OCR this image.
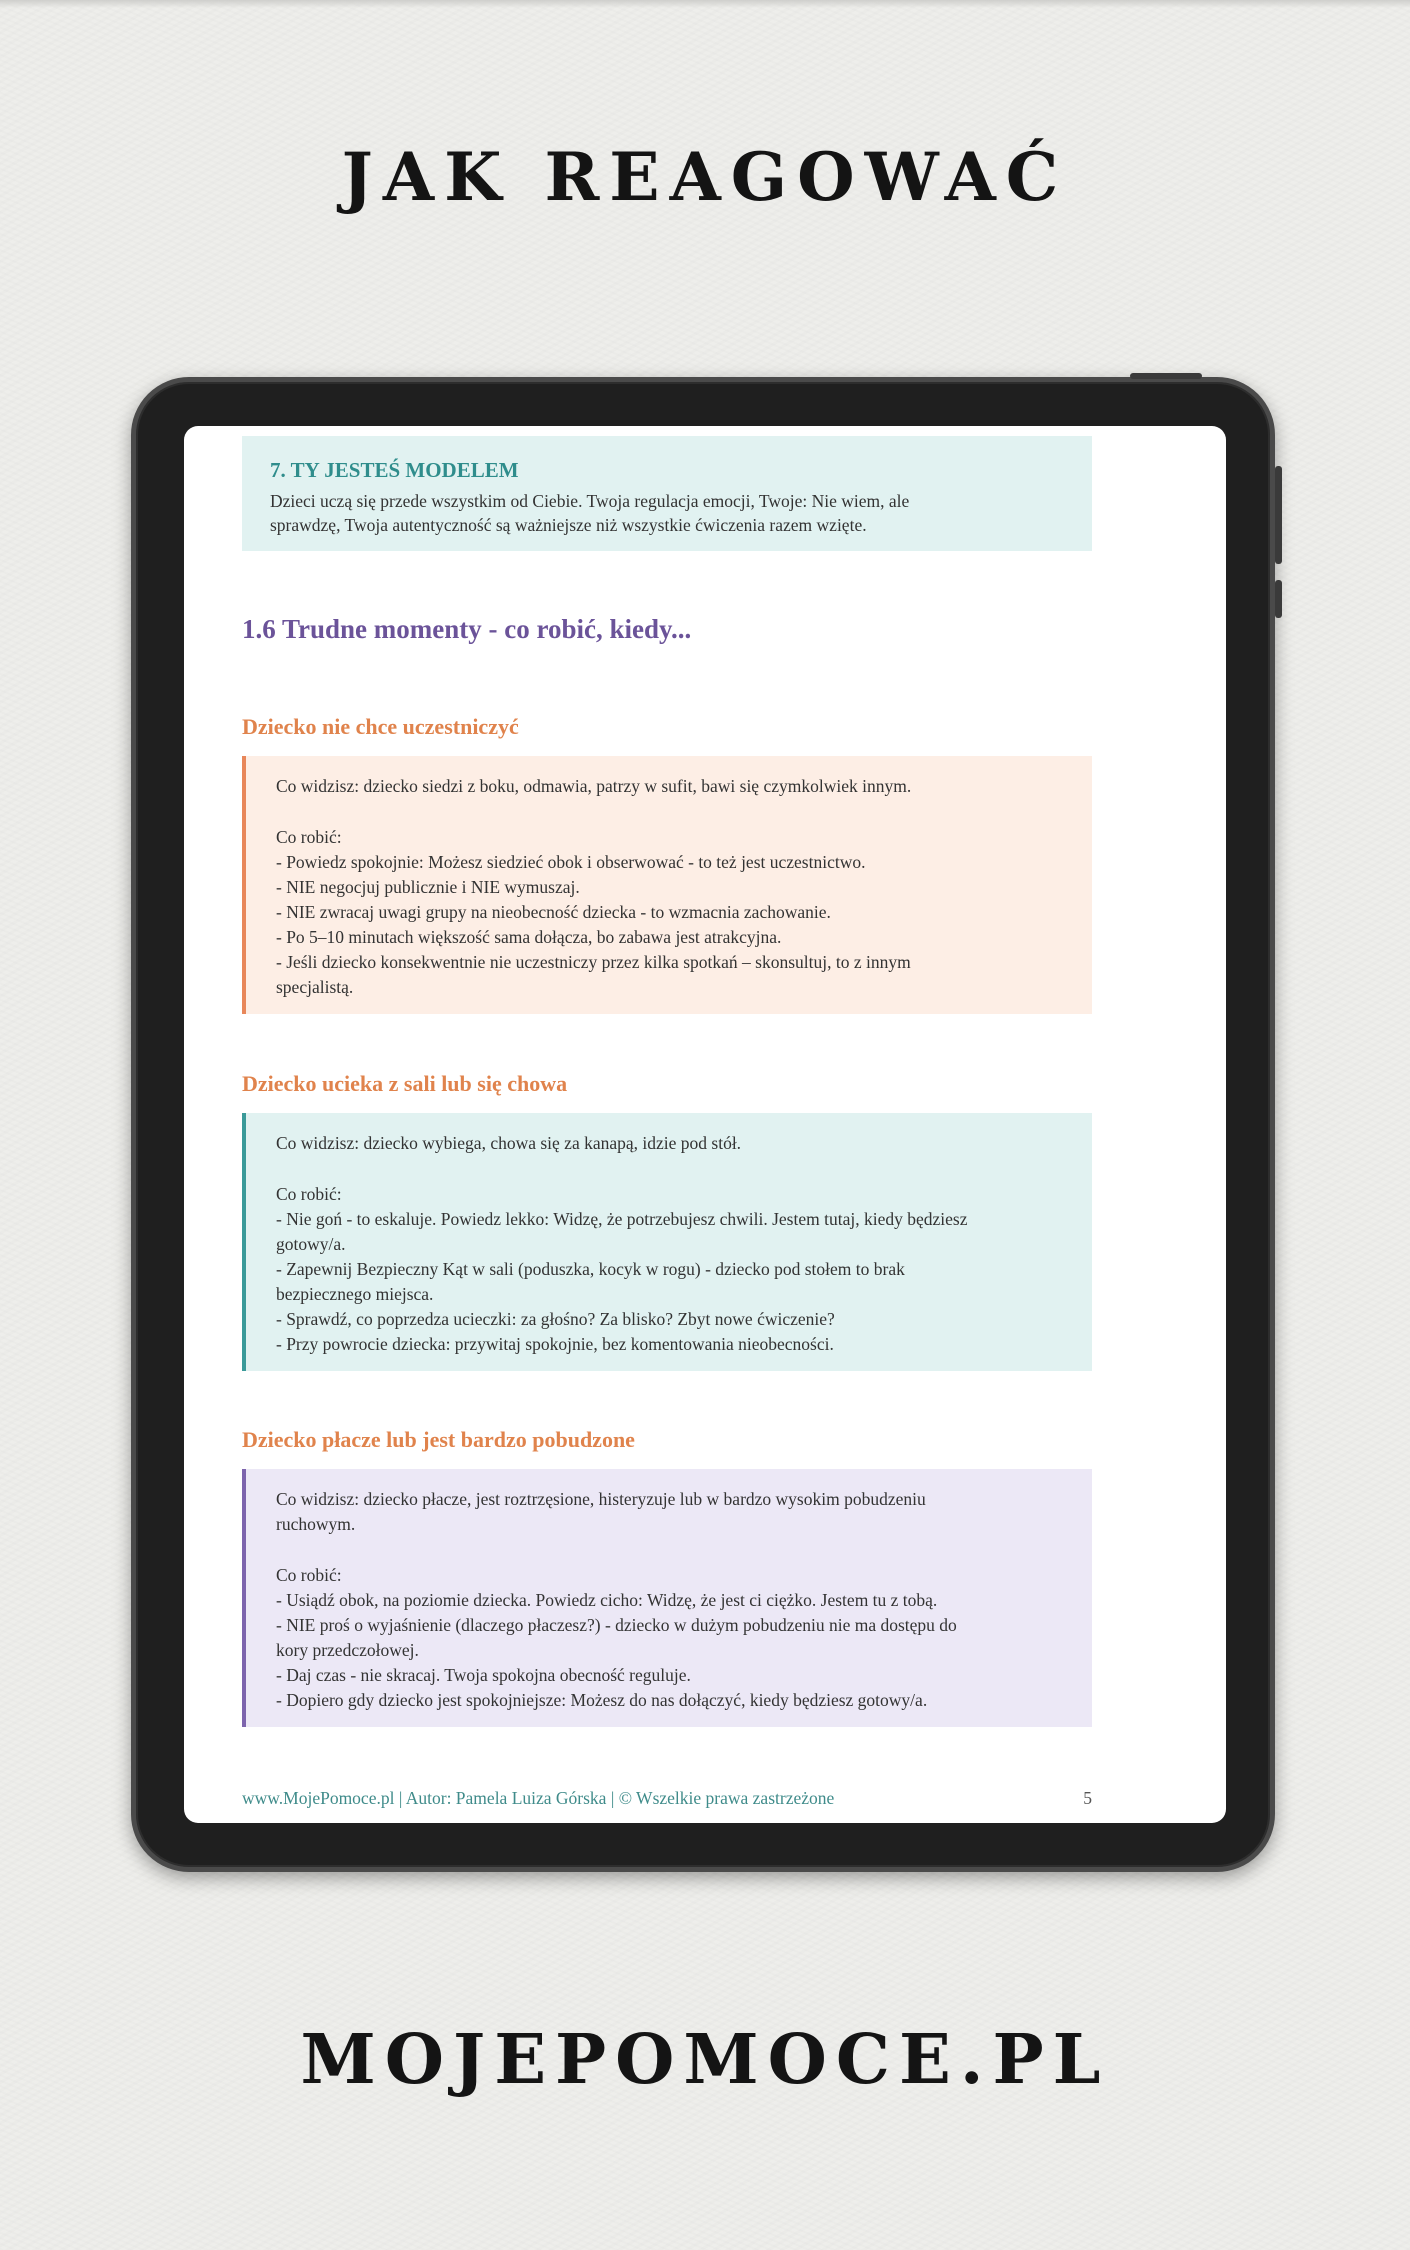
JAK REAGOWAĆ
7. TY JESTEŚ MODELEM

Dzieci uczą się przede wszystkim od Ciebie. Twoja regulacja emocji, Twoje: Nie wiem, ale

sprawdzę, Twoja autentyczność są ważniejsze niż wszystkie ćwiczenia razem wzięte.

1.6 Trudne momenty - co robić, kiedy...
Dziecko nie chce uczestniczyć

Co widzisz: dziecko siedzi z boku, odmawia, patrzy w sufit, bawi się czymkolwiek innym.

Co robić:

- Powiedz spokojnie: Możesz siedzieć obok i obserwować - to też jest uczestnictwo.

- NIE negocjuj publicznie i NIE wymuszaj.

- NIE zwracaj uwagi grupy na nieobecność dziecka - to wzmacnia zachowanie.

- Po 5–10 minutach większość sama dołącza, bo zabawa jest atrakcyjna.

- Jeśli dziecko konsekwentnie nie uczestniczy przez kilka spotkań – skonsultuj, to z innym

specjalistą.

Dziecko ucieka z sali lub się chowa

Co widzisz: dziecko wybiega, chowa się za kanapą, idzie pod stół.

Co robić:

- Nie goń - to eskaluje. Powiedz lekko: Widzę, że potrzebujesz chwili. Jestem tutaj, kiedy będziesz

gotowy/a.

- Zapewnij Bezpieczny Kąt w sali (poduszka, kocyk w rogu) - dziecko pod stołem to brak

bezpiecznego miejsca.

- Sprawdź, co poprzedza ucieczki: za głośno? Za blisko? Zbyt nowe ćwiczenie?

- Przy powrocie dziecka: przywitaj spokojnie, bez komentowania nieobecności.

Dziecko płacze lub jest bardzo pobudzone

Co widzisz: dziecko płacze, jest roztrzęsione, histeryzuje lub w bardzo wysokim pobudzeniu

ruchowym.

Co robić:

- Usiądź obok, na poziomie dziecka. Powiedz cicho: Widzę, że jest ci ciężko. Jestem tu z tobą.

- NIE proś o wyjaśnienie (dlaczego płaczesz?) - dziecko w dużym pobudzeniu nie ma dostępu do

kory przedczołowej.

- Daj czas - nie skracaj. Twoja spokojna obecność reguluje.

- Dopiero gdy dziecko jest spokojniejsze: Możesz do nas dołączyć, kiedy będziesz gotowy/a.

www.MojePomoce.pl | Autor: Pamela Luiza Górska | © Wszelkie prawa zastrzeżone	5
MOJEPOMOCE.PL
